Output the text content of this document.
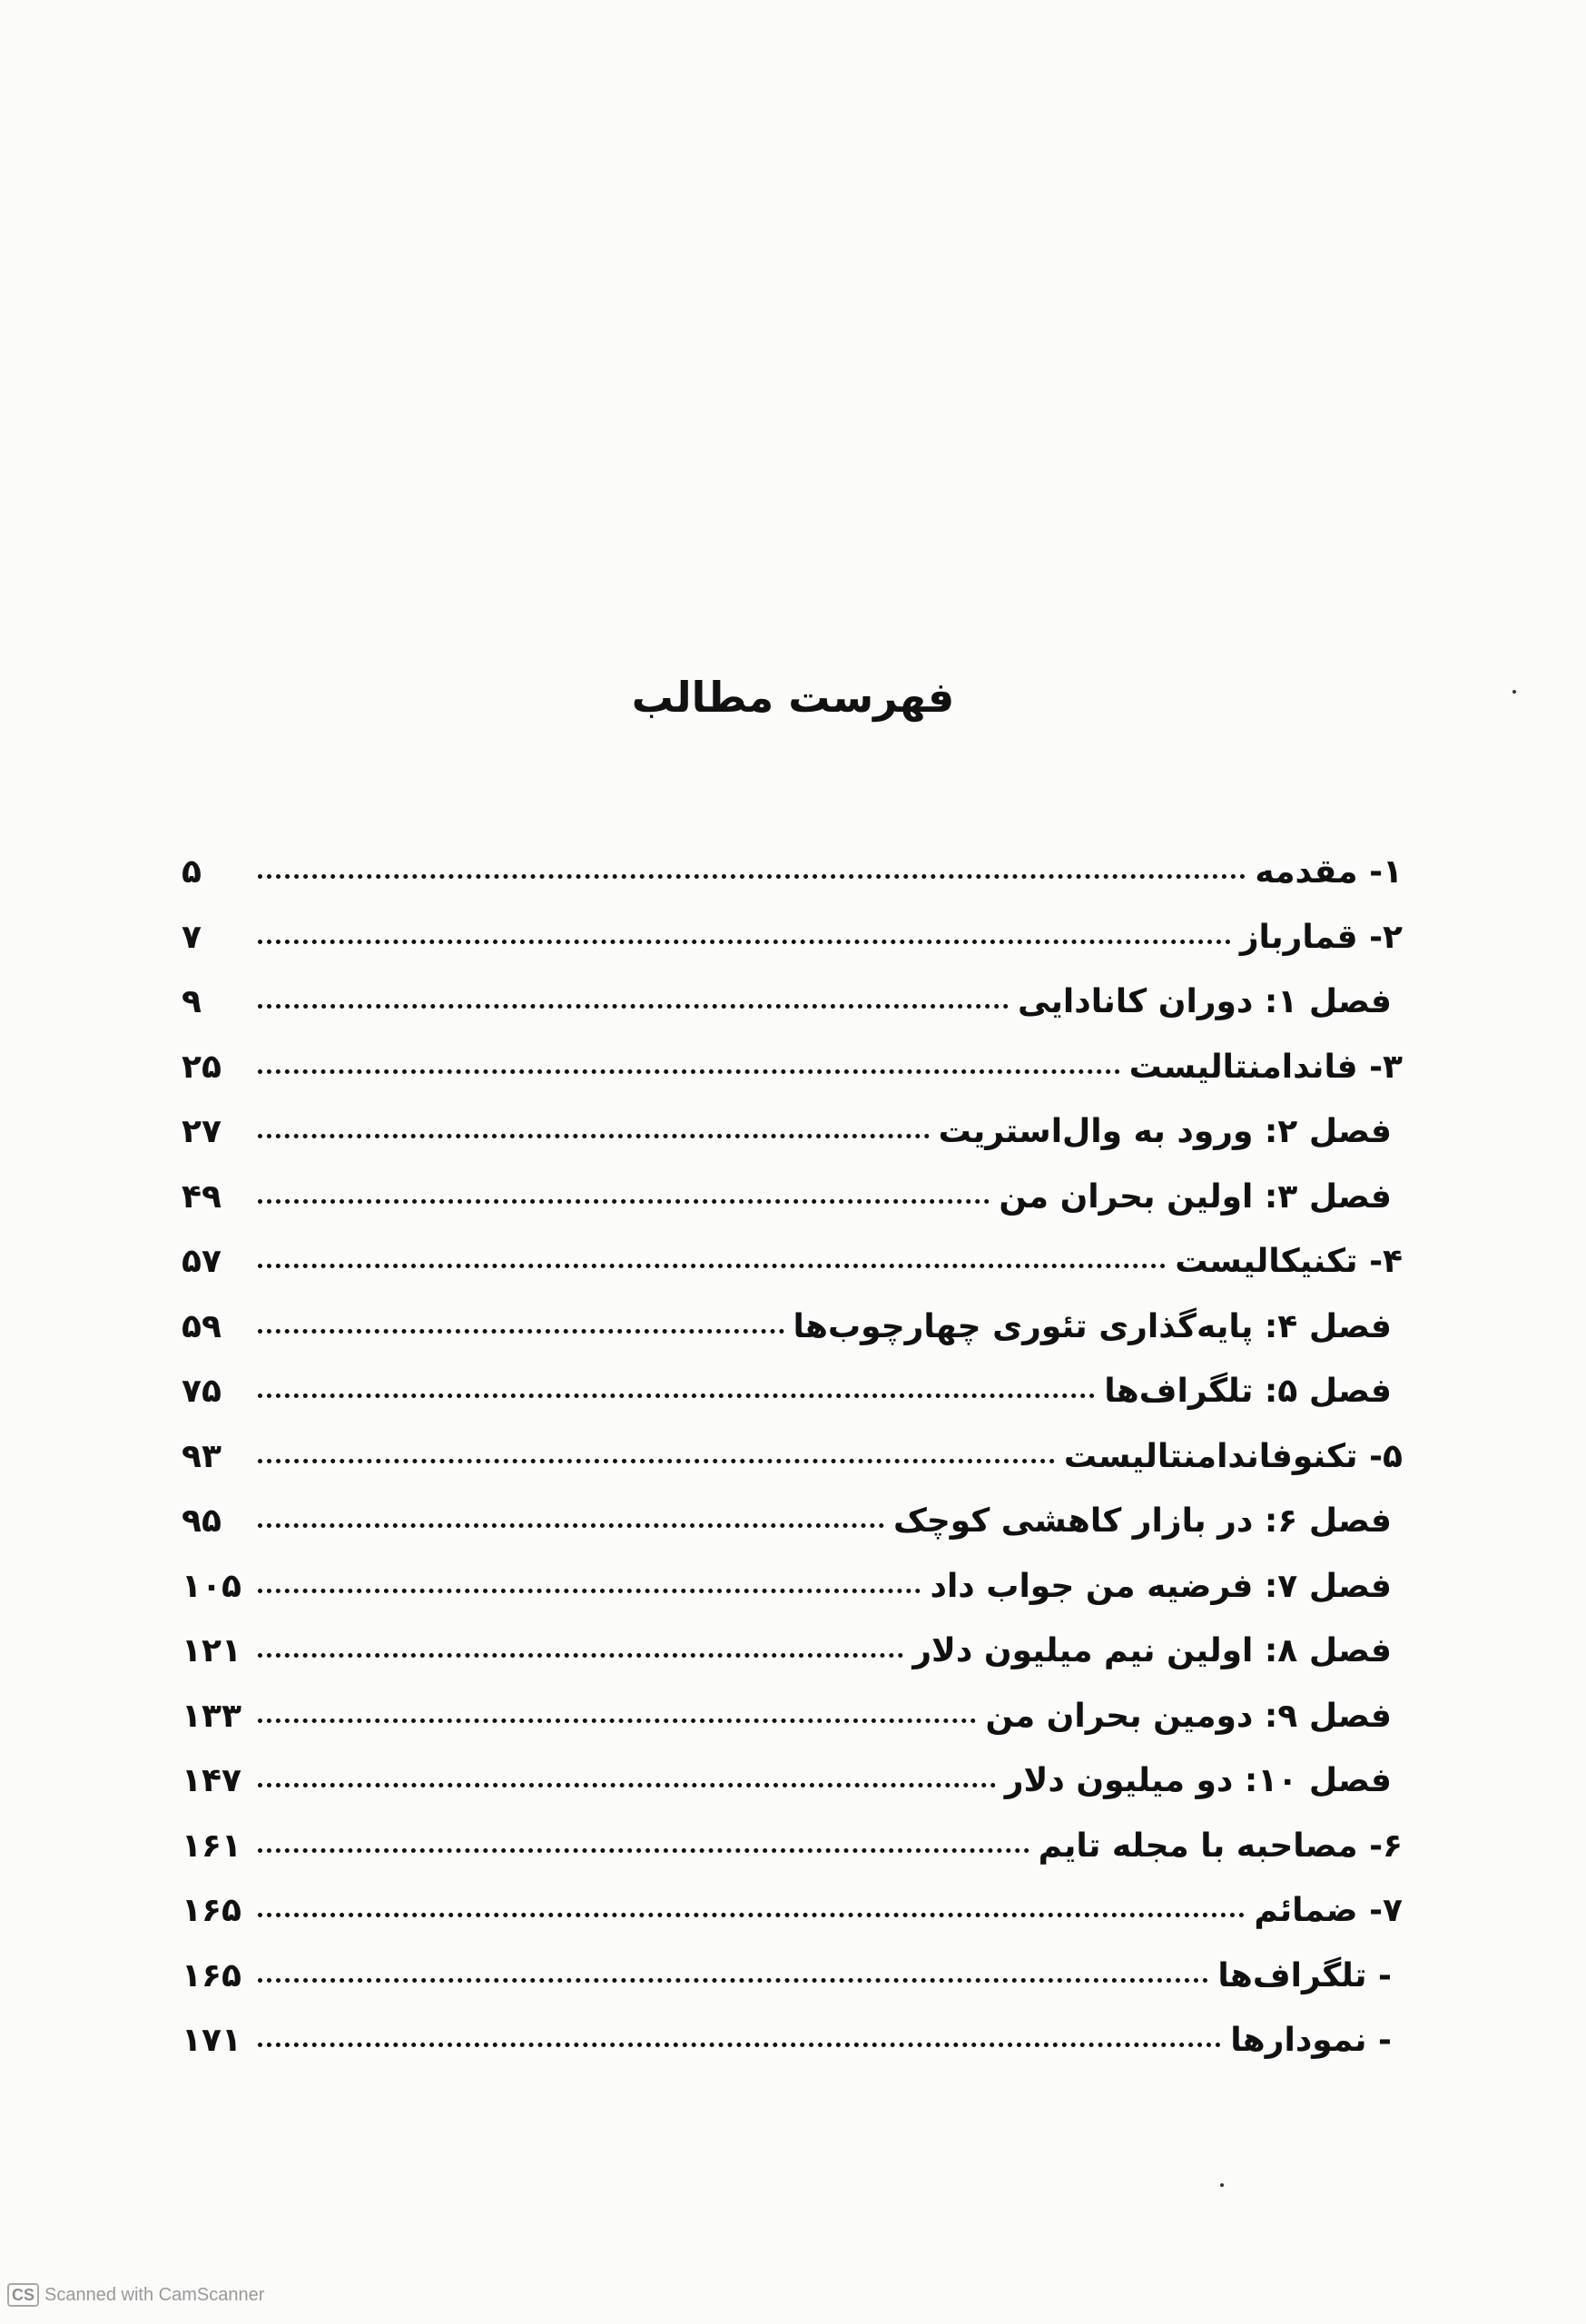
فهرست مطالب
۱- مقدمه
۵
۲- قمارباز
۷
فصل ۱: دوران کانادایی
۹
۳- فاندامنتالیست
۲۵
فصل ۲: ورود به وال‌استریت
۲۷
فصل ۳: اولین بحران من
۴۹
۴- تکنیکالیست
۵۷
فصل ۴: پایه‌گذاری تئوری چهارچوب‌ها
۵۹
فصل ۵: تلگراف‌ها
۷۵
۵- تکنوفاندامنتالیست
۹۳
فصل ۶: در بازار کاهشی کوچک
۹۵
فصل ۷: فرضیه من جواب داد
۱۰۵
فصل ۸: اولین نیم میلیون دلار
۱۲۱
فصل ۹: دومین بحران من
۱۳۳
فصل ۱۰: دو میلیون دلار
۱۴۷
۶- مصاحبه با مجله تایم
۱۶۱
۷- ضمائم
۱۶۵
- تلگراف‌ها
۱۶۵
- نمودارها
۱۷۱
CS Scanned with CamScanner
